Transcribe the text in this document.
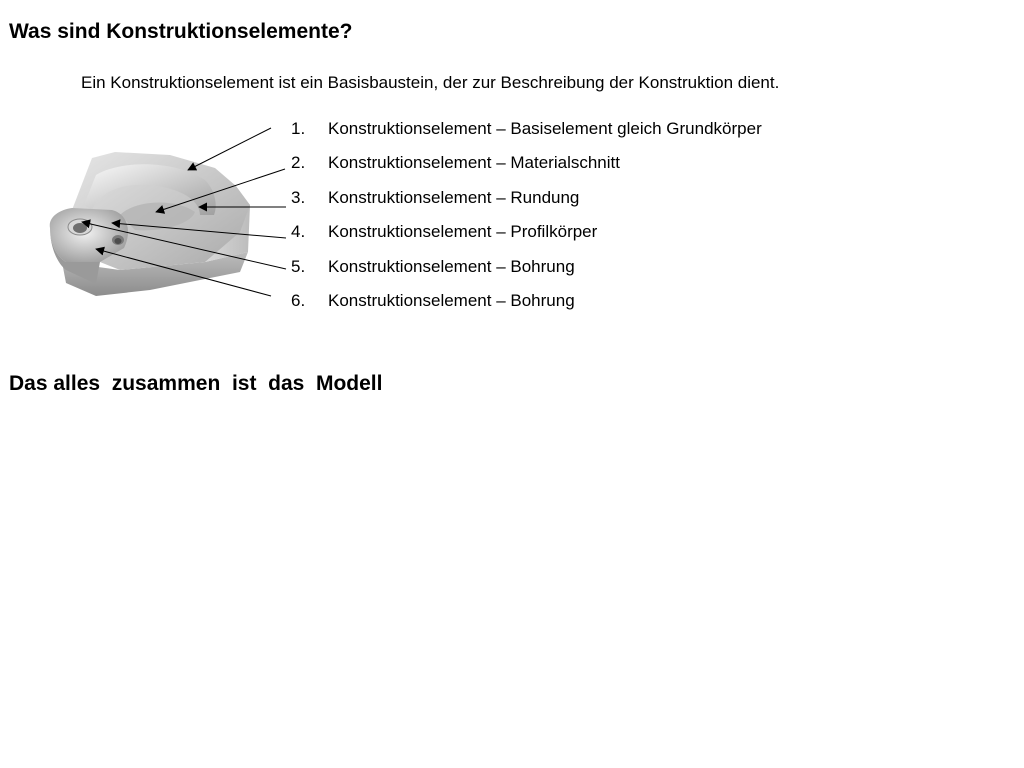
Was sind Konstruktionselemente?

Ein Konstruktionselement ist ein Basisbaustein, der zur Beschreibung der Konstruktion dient.

1.	Konstruktionselement – Basiselement gleich Grundkörper
2.	Konstruktionselement – Materialschnitt
3.	Konstruktionselement – Rundung
4.	Konstruktionselement – Profilkörper
5.	Konstruktionselement – Bohrung
6.	Konstruktionselement – Bohrung

Das alles  zusammen  ist  das  Modell
